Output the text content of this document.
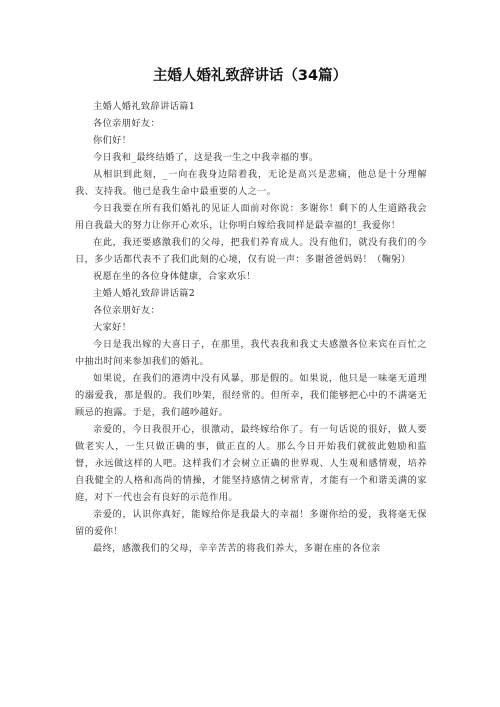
主婚人婚礼致辞讲话（34篇）

主婚人婚礼致辞讲话篇1

各位亲朋好友：

你们好！

今日我和_最终结婚了，这是我一生之中我幸福的事。

从相识到此刻，_一向在我身边陪着我，无论是高兴是悲痛，他总是十分理解我、支持我。他已是我生命中最重要的人之一。

今日我要在所有我们婚礼的见证人面前对你说：多谢你！剩下的人生道路我会用自我最大的努力让你开心欢乐，让你明白嫁给我同样是最幸福的!_我爱你！

在此，我还要感激我们的父母，把我们养育成人。没有他们，就没有我们的今日，多少话都代表不了我们此刻的心境，仅有说一声：多谢爸爸妈妈！（鞠躬）

祝愿在坐的各位身体健康，合家欢乐！

主婚人婚礼致辞讲话篇2

各位亲朋好友：

大家好！

今日是我出嫁的大喜日子，在那里，我代表我和我丈夫感激各位来宾在百忙之中抽出时间来参加我们的婚礼。

如果说，在我们的港湾中没有风暴，那是假的。如果说，他只是一味毫无道理的溺爱我，那是假的。我们吵架，很经常的。但所幸，我们能够把心中的不满毫无顾忌的抱露。于是，我们越吵越好。

亲爱的，今日我很开心，很激动，最终嫁给你了。有一句话说的很好，做人要做老实人，一生只做正确的事，做正直的人。那么今日开始我们就彼此勉励和监督，永远做这样的人吧。这样我们才会树立正确的世界观、人生观和感情观，培养自我健全的人格和高尚的情操，才能坚持感情之树常青，才能有一个和谐美满的家庭，对下一代也会有良好的示范作用。

亲爱的，认识你真好，能嫁给你是我最大的幸福！多谢你给的爱，我将毫无保留的爱你！

最终，感激我们的父母，辛辛苦苦的将我们养大，多谢在座的各位亲
